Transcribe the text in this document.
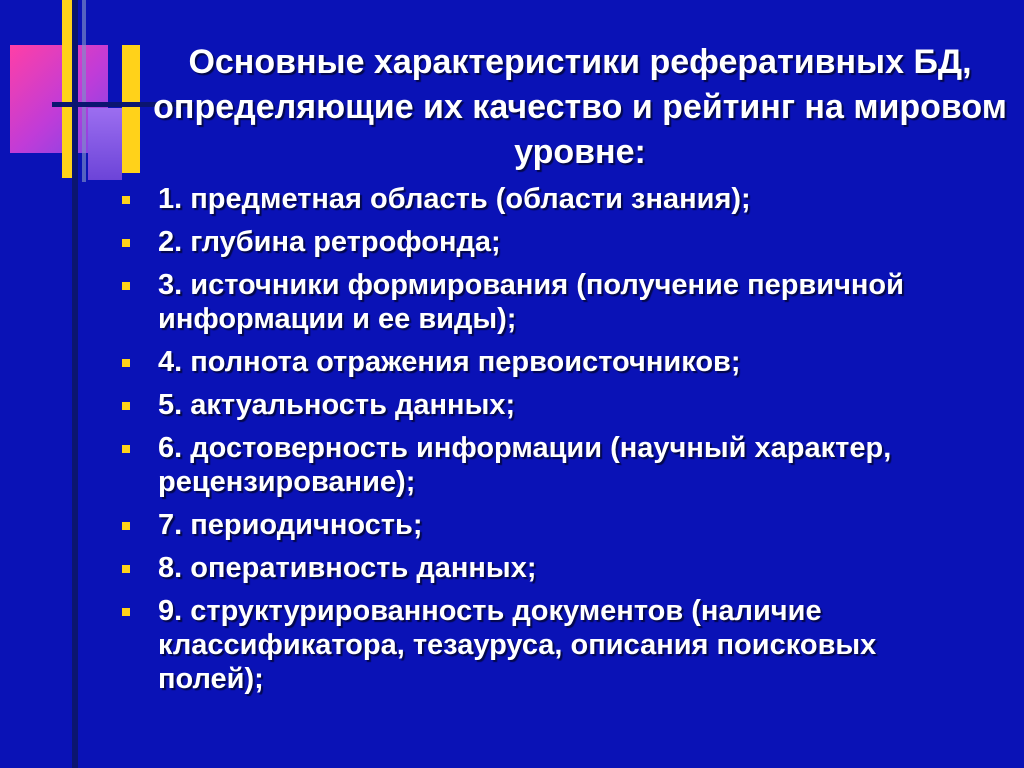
Основные характеристики реферативных БД, определяющие их качество и рейтинг на мировом уровне:
1. предметная область (области знания);
2. глубина ретрофонда;
3. источники формирования (получение первичной информации и ее виды);
4. полнота отражения первоисточников;
5. актуальность данных;
6. достоверность информации (научный характер, рецензирование);
7. периодичность;
8. оперативность данных;
9. структурированность документов (наличие классификатора, тезауруса, описания поисковых полей);
